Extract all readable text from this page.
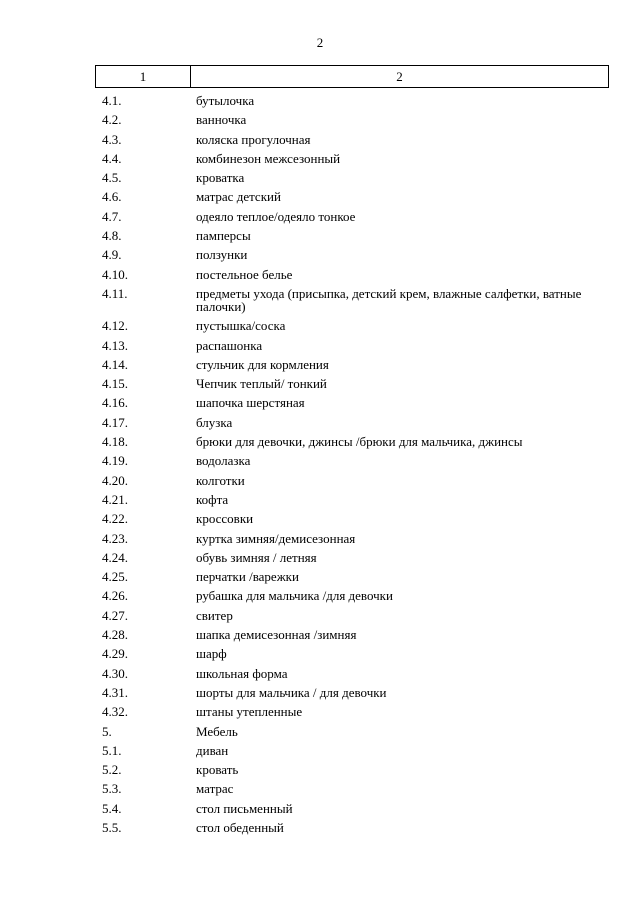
2
1	2
4.1.	бутылочка
4.2.	ванночка
4.3.	коляска прогулочная
4.4.	комбинезон межсезонный
4.5.	кроватка
4.6.	матрас детский
4.7.	одеяло теплое/одеяло тонкое
4.8.	памперсы
4.9.	ползунки
4.10.	постельное белье
4.11.	предметы ухода (присыпка, детский крем, влажные салфетки, ватные палочки)
4.12.	пустышка/соска
4.13.	распашонка
4.14.	стульчик для кормления
4.15.	Чепчик теплый/ тонкий
4.16.	шапочка шерстяная
4.17.	блузка
4.18.	брюки для девочки, джинсы /брюки для мальчика, джинсы
4.19.	водолазка
4.20.	колготки
4.21.	кофта
4.22.	кроссовки
4.23.	куртка зимняя/демисезонная
4.24.	обувь зимняя / летняя
4.25.	перчатки /варежки
4.26.	рубашка для мальчика /для девочки
4.27.	свитер
4.28.	шапка демисезонная /зимняя
4.29.	шарф
4.30.	школьная форма
4.31.	шорты для мальчика / для девочки
4.32.	штаны утепленные
5.	Мебель
5.1.	диван
5.2.	кровать
5.3.	матрас
5.4.	стол письменный
5.5.	стол обеденный
